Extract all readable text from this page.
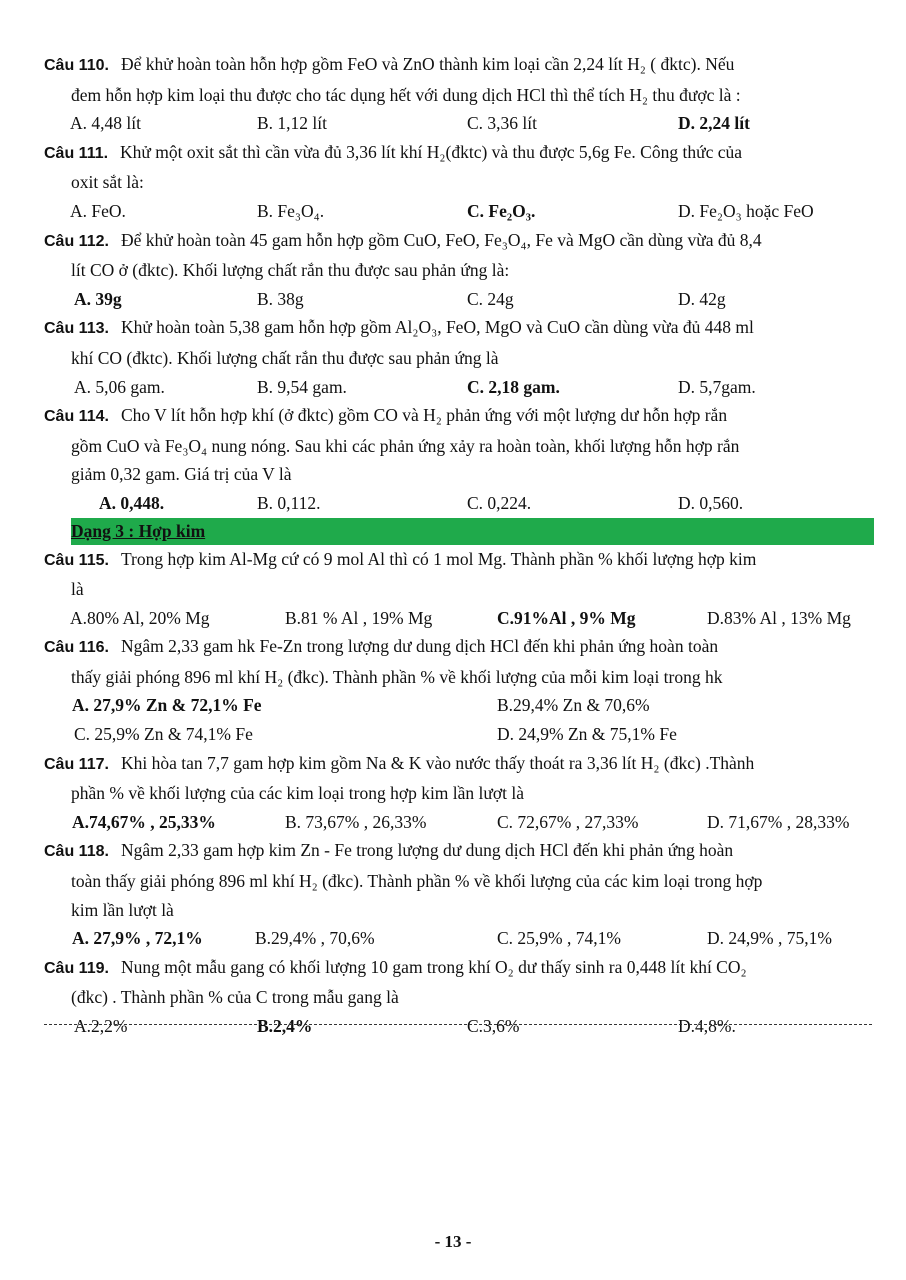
Câu 110. Để khử hoàn toàn hỗn hợp gồm FeO và ZnO thành kim loại cần 2,24 lít H₂ ( đktc). Nếu
đem hỗn hợp kim loại thu được cho tác dụng hết với dung dịch HCl thì thể tích H₂ thu được là :
A. 4,48 lít	B. 1,12 lít	C. 3,36 lít	D. 2,24 lít
Câu 111. Khử một oxit sắt thì cần vừa đủ 3,36 lít khí H₂(đktc) và thu được 5,6g Fe. Công thức của
oxit sắt là:
A. FeO.	B. Fe₃O₄.	C. Fe₂O₃.	D. Fe₂O₃ hoặc FeO
Câu 112. Để khử hoàn toàn 45 gam hỗn hợp gồm CuO, FeO, Fe₃O₄, Fe và MgO cần dùng vừa đủ 8,4
lít CO ở (đktc). Khối lượng chất rắn thu được sau phản ứng là:
A. 39g	B. 38g	C. 24g	D. 42g
Câu 113. Khử hoàn toàn 5,38 gam hỗn hợp gồm Al₂O₃, FeO, MgO và CuO cần dùng vừa đủ 448 ml
khí CO (đktc). Khối lượng chất rắn thu được sau phản ứng là
A. 5,06 gam.	B. 9,54 gam.	C. 2,18 gam.	D. 5,7gam.
Câu 114. Cho V lít hỗn hợp khí (ở đktc) gồm CO và H₂ phản ứng với một lượng dư hỗn hợp rắn
gồm CuO và Fe₃O₄ nung nóng. Sau khi các phản ứng xảy ra hoàn toàn, khối lượng hỗn hợp rắn
giảm 0,32 gam. Giá trị của V là
A. 0,448.	B. 0,112.	C. 0,224.	D. 0,560.
Dạng 3 : Hợp kim
Câu 115. Trong hợp kim Al-Mg cứ có 9 mol Al thì có 1 mol Mg. Thành phần % khối lượng hợp kim
là
A.80% Al, 20% Mg	B.81 % Al , 19% Mg	C.91%Al , 9% Mg	D.83% Al , 13% Mg
Câu 116. Ngâm 2,33 gam hk Fe-Zn trong lượng dư dung dịch HCl đến khi phản ứng hoàn toàn
thấy giải phóng 896 ml khí H₂ (đkc). Thành phần % về khối lượng của mỗi kim loại trong hk
A. 27,9% Zn & 72,1% Fe	B.29,4% Zn & 70,6%
C. 25,9% Zn & 74,1% Fe	D. 24,9% Zn & 75,1% Fe
Câu 117. Khi hòa tan 7,7 gam hợp kim gồm Na & K vào nước thấy thoát ra 3,36 lít H₂ (đkc) .Thành
phần % về khối lượng của các kim loại trong hợp kim lần lượt là
A.74,67% , 25,33%	B. 73,67% , 26,33%	C. 72,67% , 27,33%	D. 71,67% , 28,33%
Câu 118. Ngâm 2,33 gam hợp kim Zn - Fe trong lượng dư dung dịch HCl đến khi phản ứng hoàn
toàn thấy giải phóng 896 ml khí H₂ (đkc). Thành phần % về khối lượng của các kim loại trong hợp
kim lần lượt là
A. 27,9% , 72,1%	B.29,4% , 70,6%	C. 25,9% , 74,1%	D. 24,9% , 75,1%
Câu 119. Nung một mẫu gang có khối lượng 10 gam trong khí O₂ dư thấy sinh ra 0,448 lít khí CO₂
(đkc) . Thành phần % của C trong mẫu gang là
A.2,2%	B.2,4%	C.3,6%	D.4,8%.
- 13 -
